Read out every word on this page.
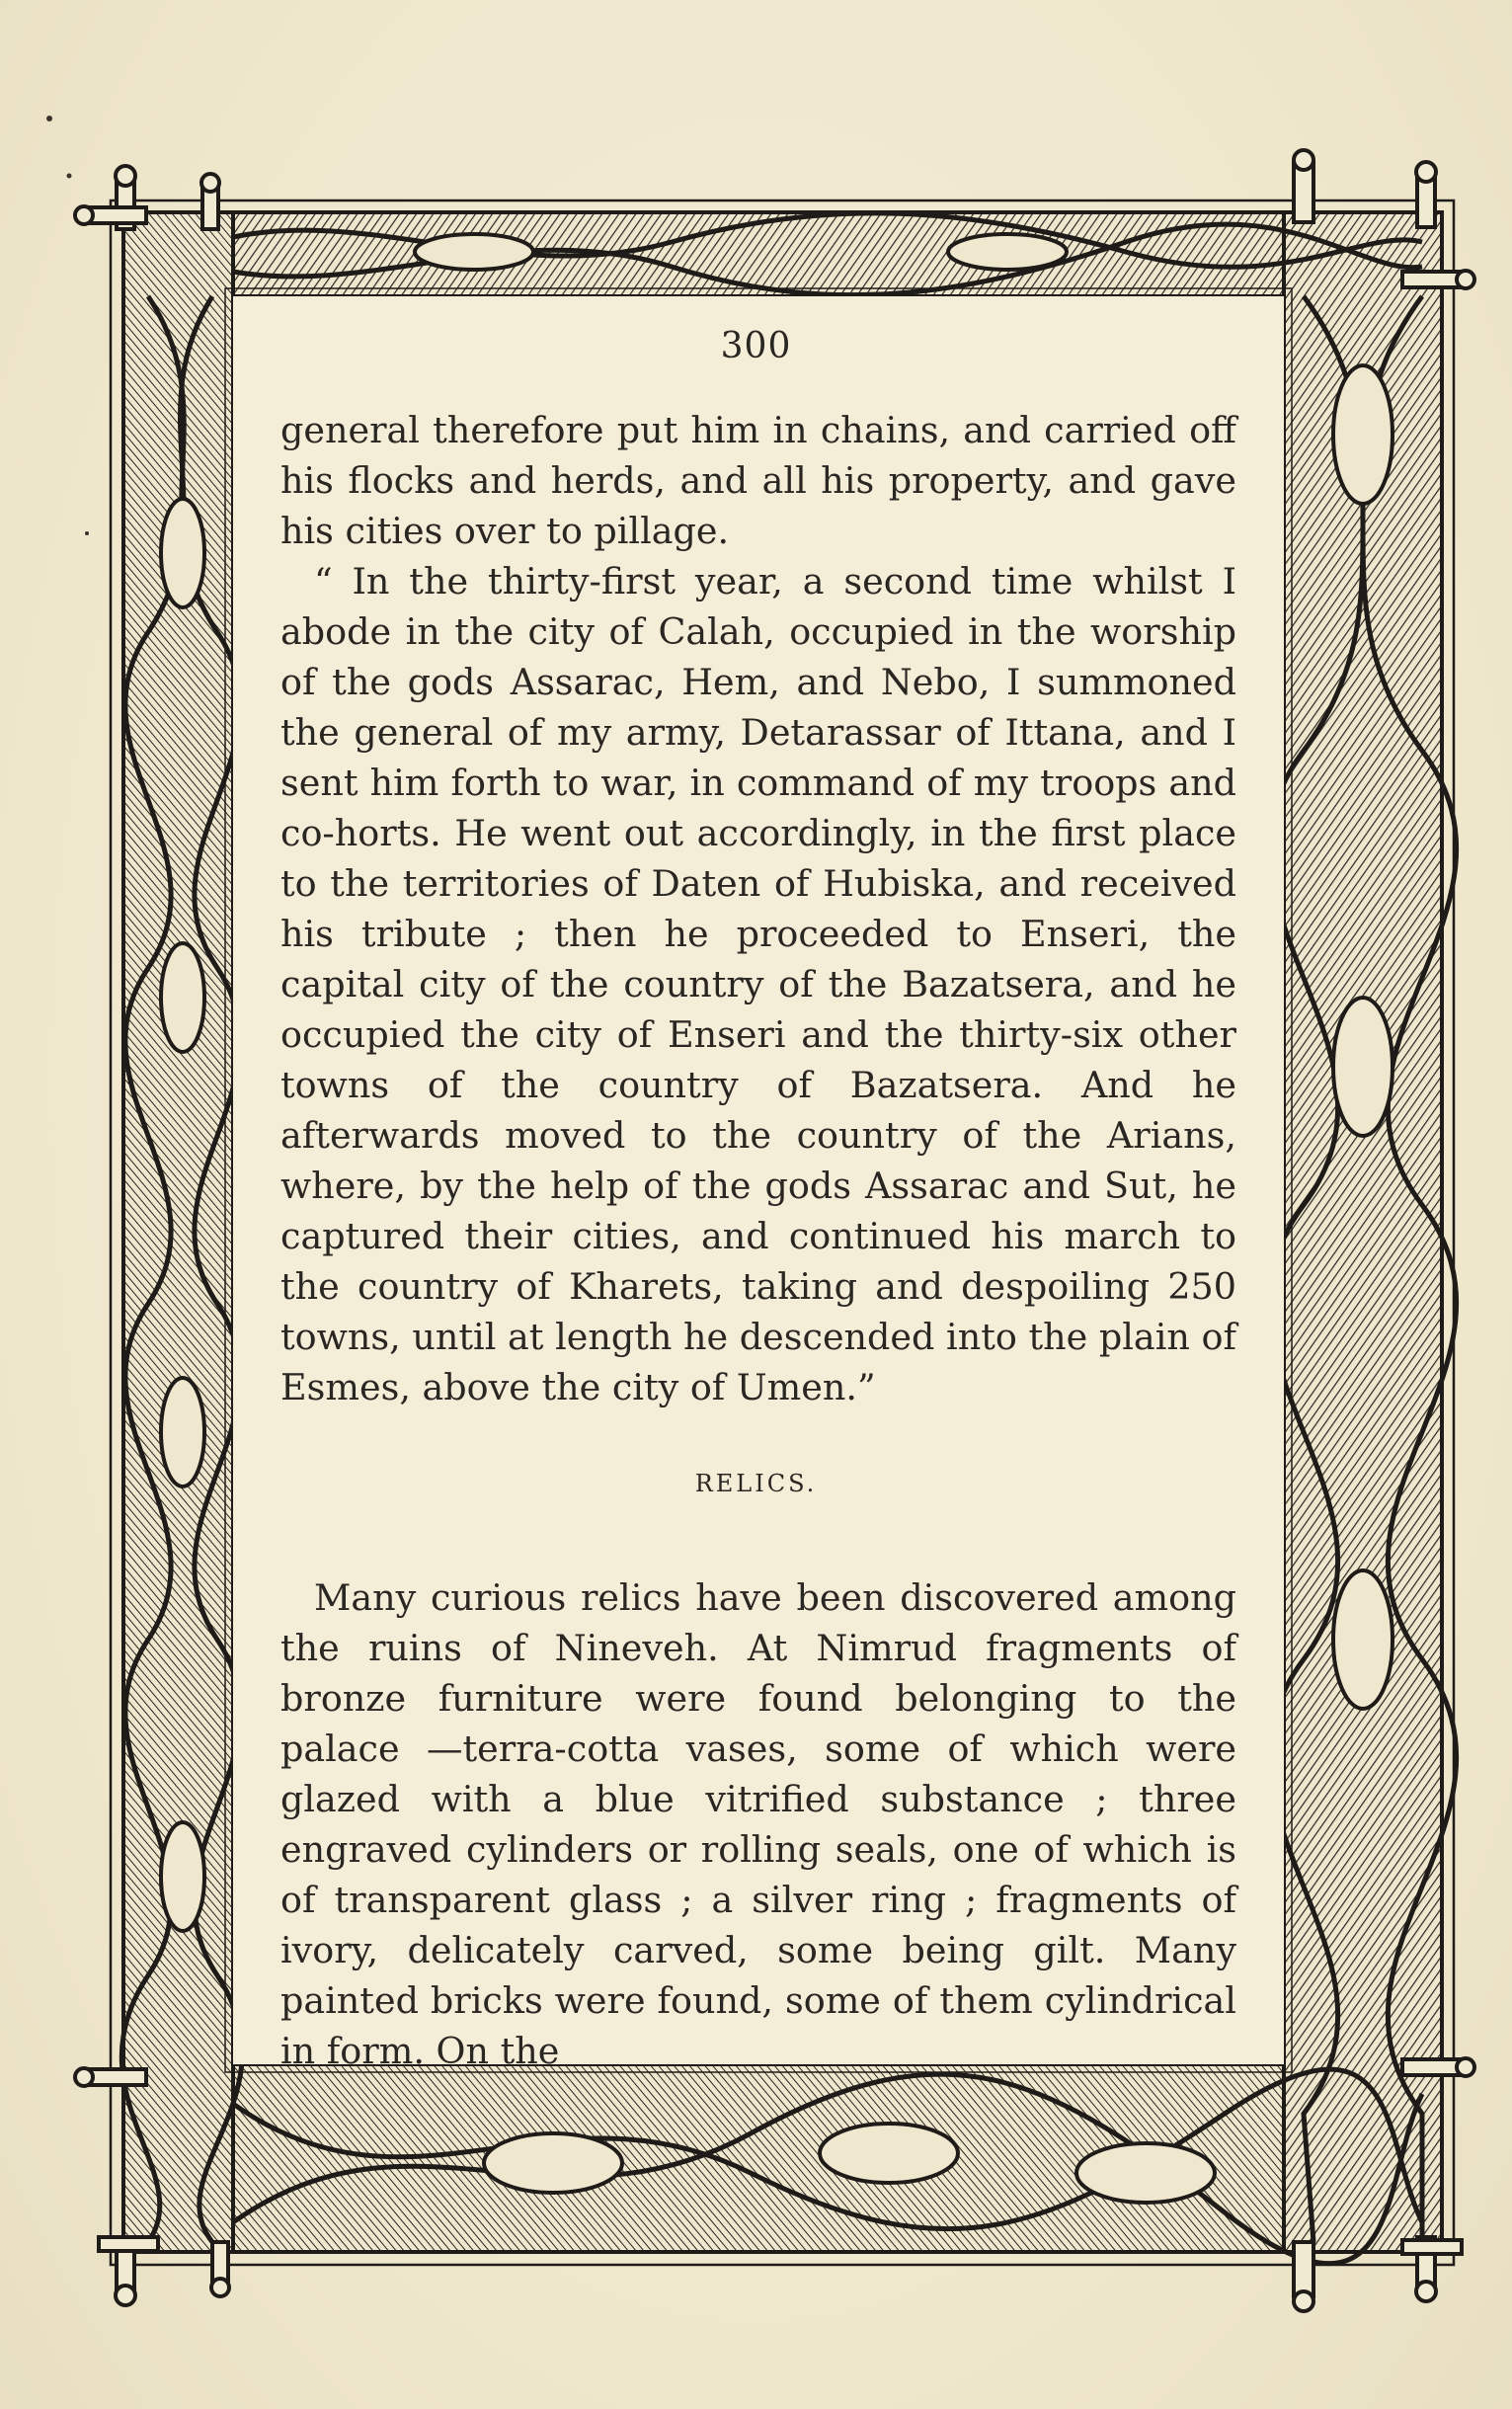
300

general therefore put him in chains, and carried off his flocks and herds, and all his property, and gave his cities over to pillage.

“ In the thirty-first year, a second time whilst I abode in the city of Calah, occupied in the worship of the gods Assarac, Hem, and Nebo, I summoned the general of my army, Detarassar of Ittana, and I sent him forth to war, in command of my troops and co-horts. He went out accordingly, in the first place to the territories of Daten of Hubiska, and received his tribute ; then he proceeded to Enseri, the capital city of the country of the Bazatsera, and he occupied the city of Enseri and the thirty-six other towns of the country of Bazatsera. And he afterwards moved to the country of the Arians, where, by the help of the gods Assarac and Sut, he captured their cities, and continued his march to the country of Kharets, taking and despoiling 250 towns, until at length he descended into the plain of Esmes, above the city of Umen.”

RELICS.

Many curious relics have been discovered among the ruins of Nineveh. At Nimrud fragments of bronze furniture were found belonging to the palace —terra-cotta vases, some of which were glazed with a blue vitrified substance ; three engraved cylinders or rolling seals, one of which is of transparent glass ; a silver ring ; fragments of ivory, delicately carved, some being gilt. Many painted bricks were found, some of them cylindrical in form. On the
